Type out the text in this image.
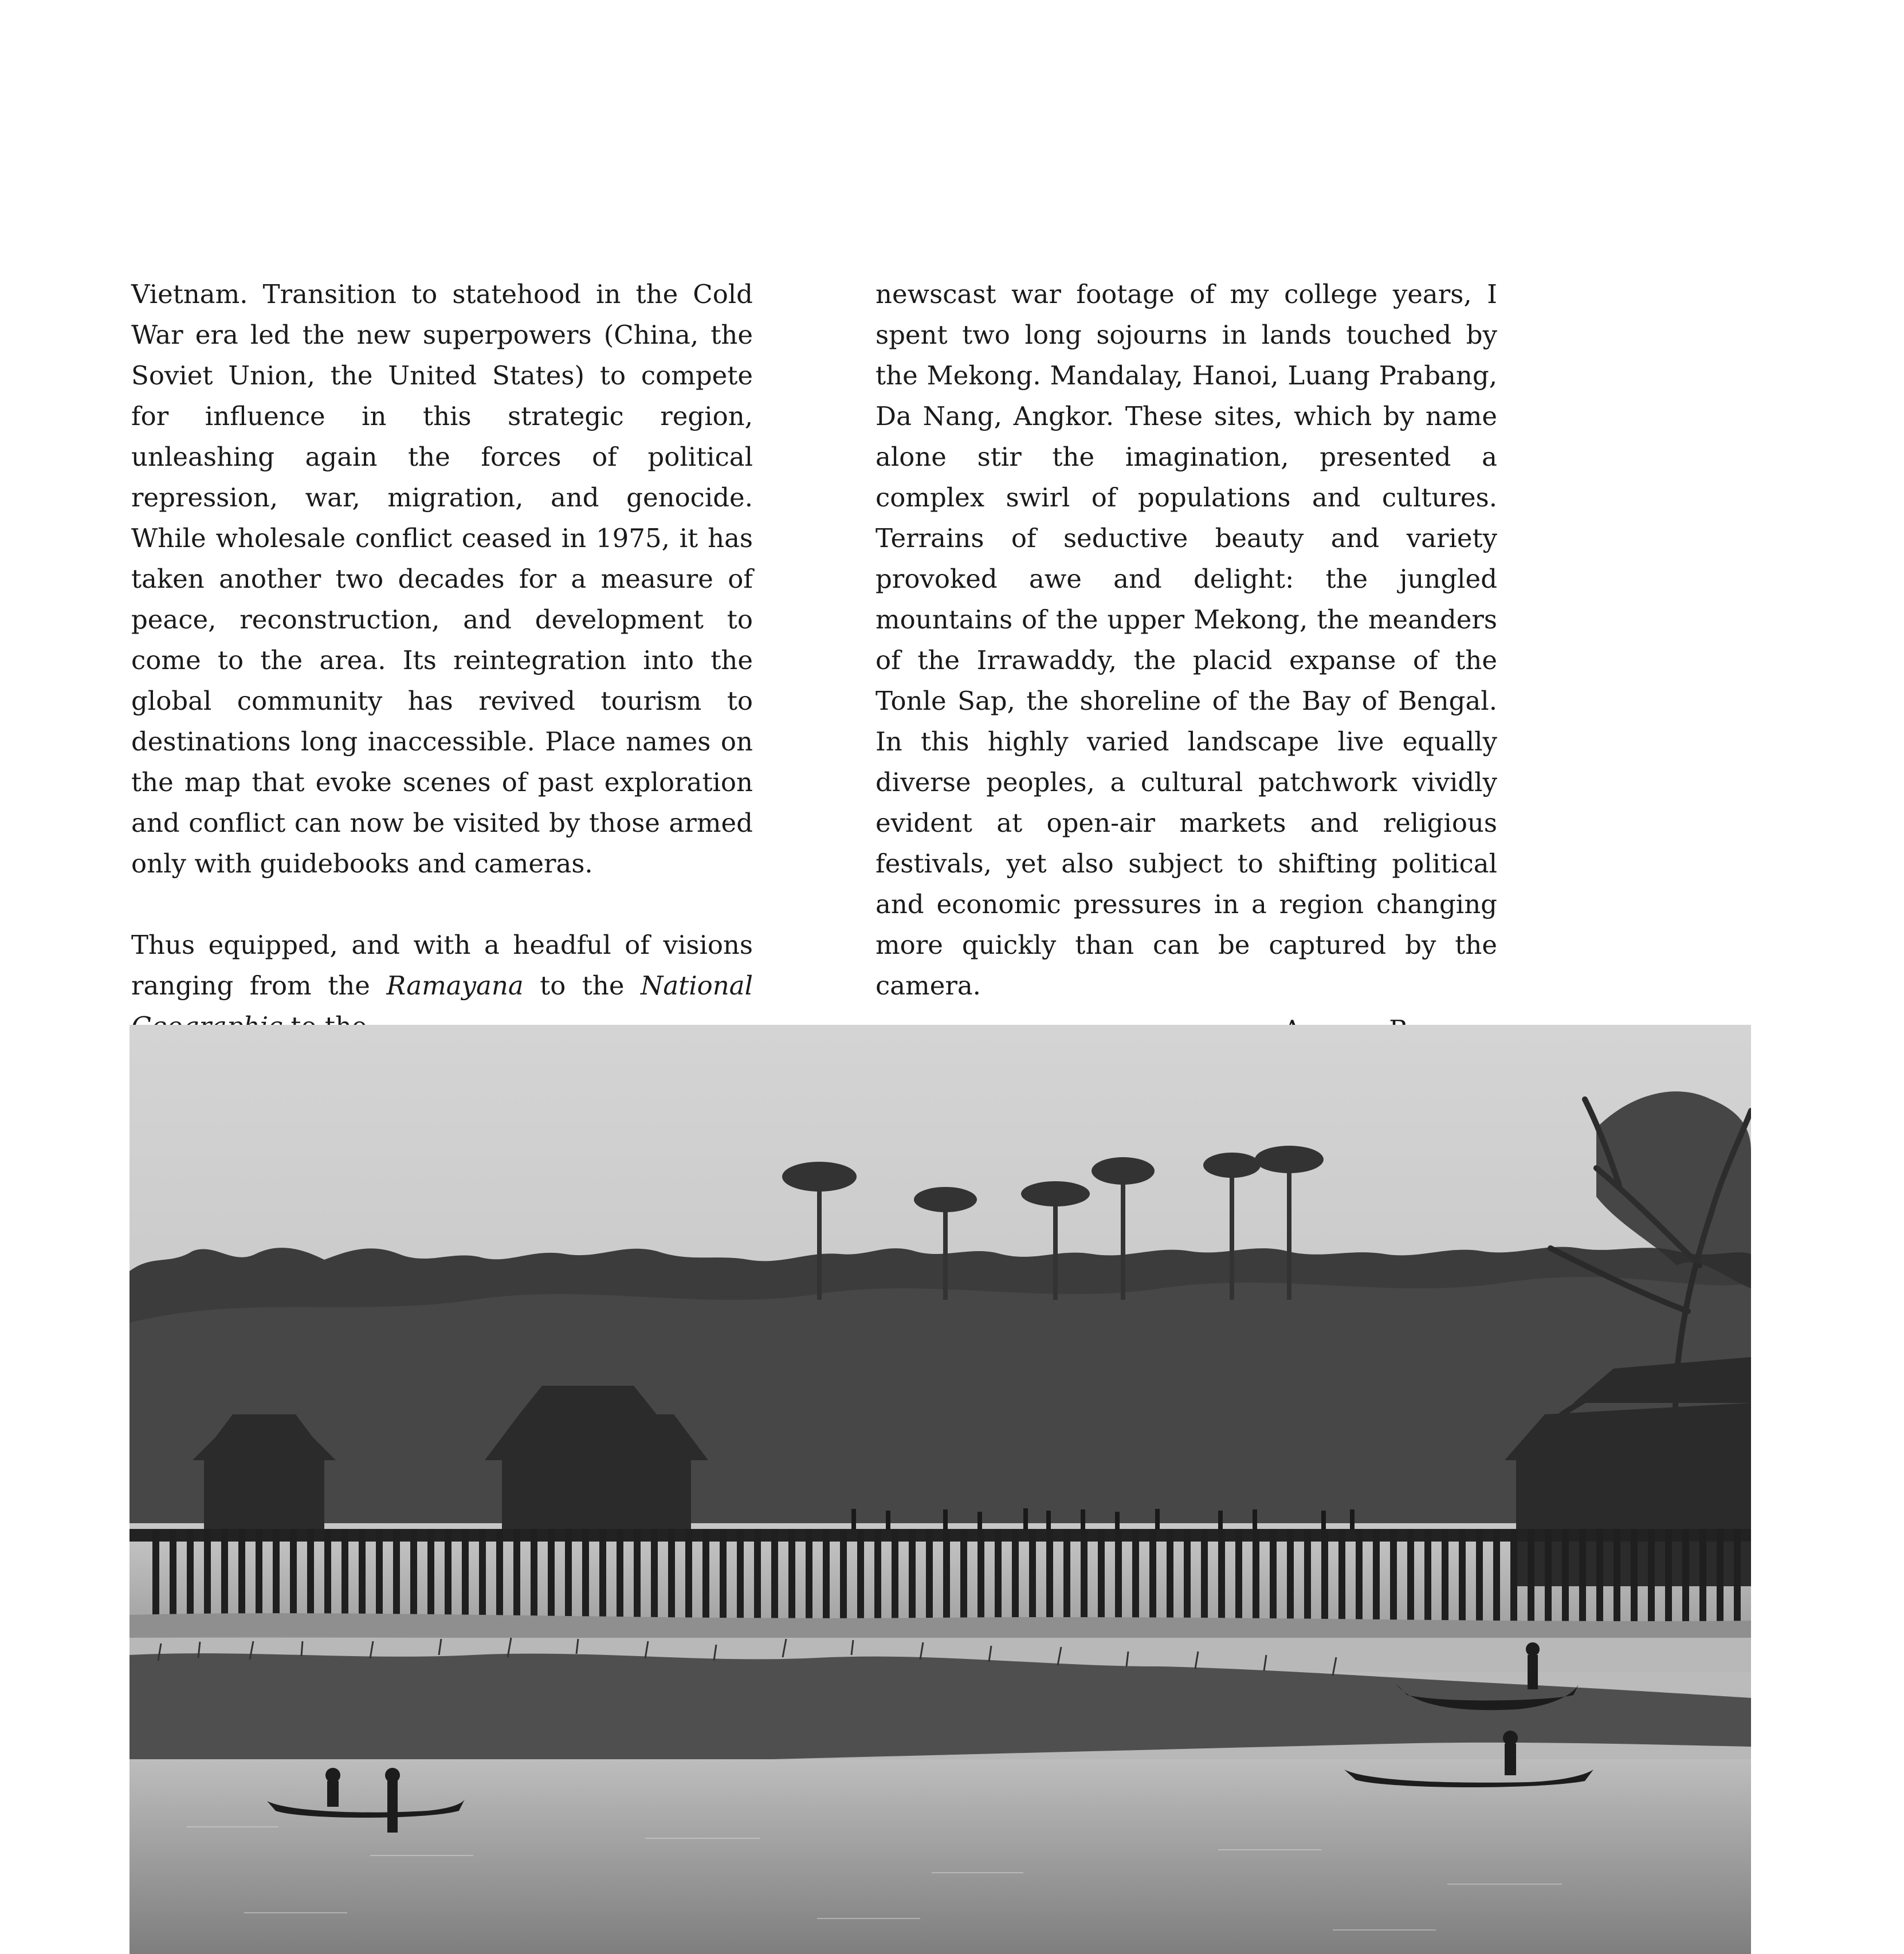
Vietnam. Transition to statehood in the Cold War era led the new superpowers (China, the Soviet Union, the United States) to compete for influence in this strategic region, unleashing again the forces of political repression, war, migration, and genocide. While wholesale conflict ceased in 1975, it has taken another two decades for a measure of peace, reconstruction, and development to come to the area. Its reintegration into the global community has revived tourism to destinations long inaccessible. Place names on the map that evoke scenes of past exploration and conflict can now be visited by those armed only with guidebooks and cameras.

Thus equipped, and with a headful of visions ranging from the Ramayana to the National

newscast war footage of my college years, I spent two long sojourns in lands touched by the Mekong. Mandalay, Hanoi, Luang Prabang, Da Nang, Angkor. These sites, which by name alone stir the imagination, presented a complex swirl of populations and cultures. Terrains of seductive beauty and variety provoked awe and delight: the jungled mountains of the upper Mekong, the meanders of the Irrawaddy, the placid expanse of the Tonle Sap, the shoreline of the Bay of Bengal. In this highly varied landscape live equally diverse peoples, a cultural patchwork vividly evident at open-air markets and religious festivals, yet also subject to shifting political and economic pressures in a region changing more quickly than can be captured by the camera.
